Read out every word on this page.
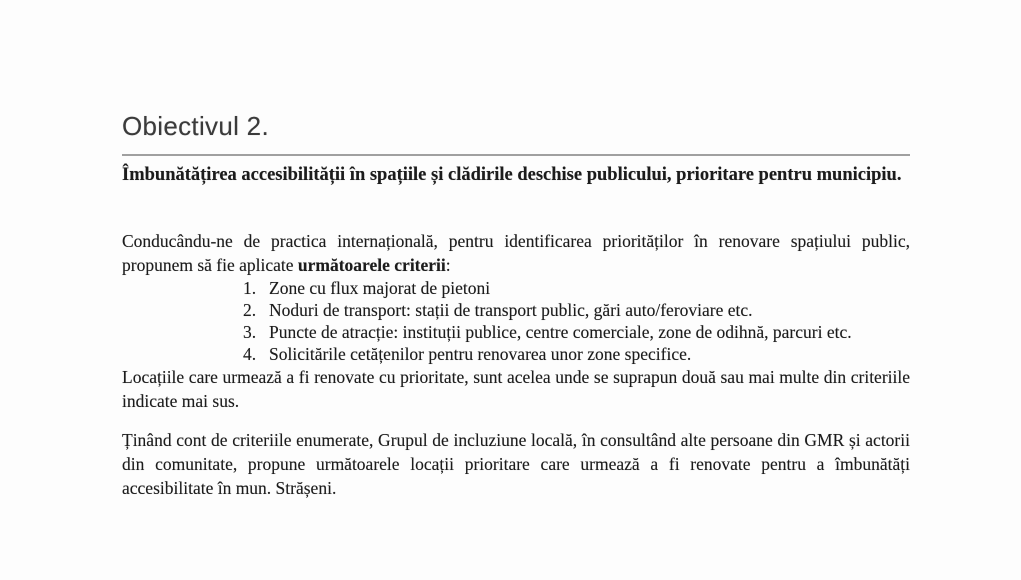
Obiectivul 2.

Îmbunătățirea accesibilității în spațiile și clădirile deschise publicului, prioritare pentru municipiu.

Conducându-ne de practica internațională, pentru identificarea priorităților în renovare spațiului public, propunem să fie aplicate următoarele criterii:

1. Zone cu flux majorat de pietoni
2. Noduri de transport: stații de transport public, gări auto/feroviare etc.
3. Puncte de atracție: instituții publice, centre comerciale, zone de odihnă, parcuri etc.
4. Solicitările cetățenilor pentru renovarea unor zone specifice.

Locațiile care urmează a fi renovate cu prioritate, sunt acelea unde se suprapun două sau mai multe din criteriile indicate mai sus.

Ținând cont de criteriile enumerate, Grupul de incluziune locală, în consultând alte persoane din GMR și actorii din comunitate, propune următoarele locații prioritare care urmează a fi renovate pentru a îmbunătăți accesibilitate în mun. Strășeni.
